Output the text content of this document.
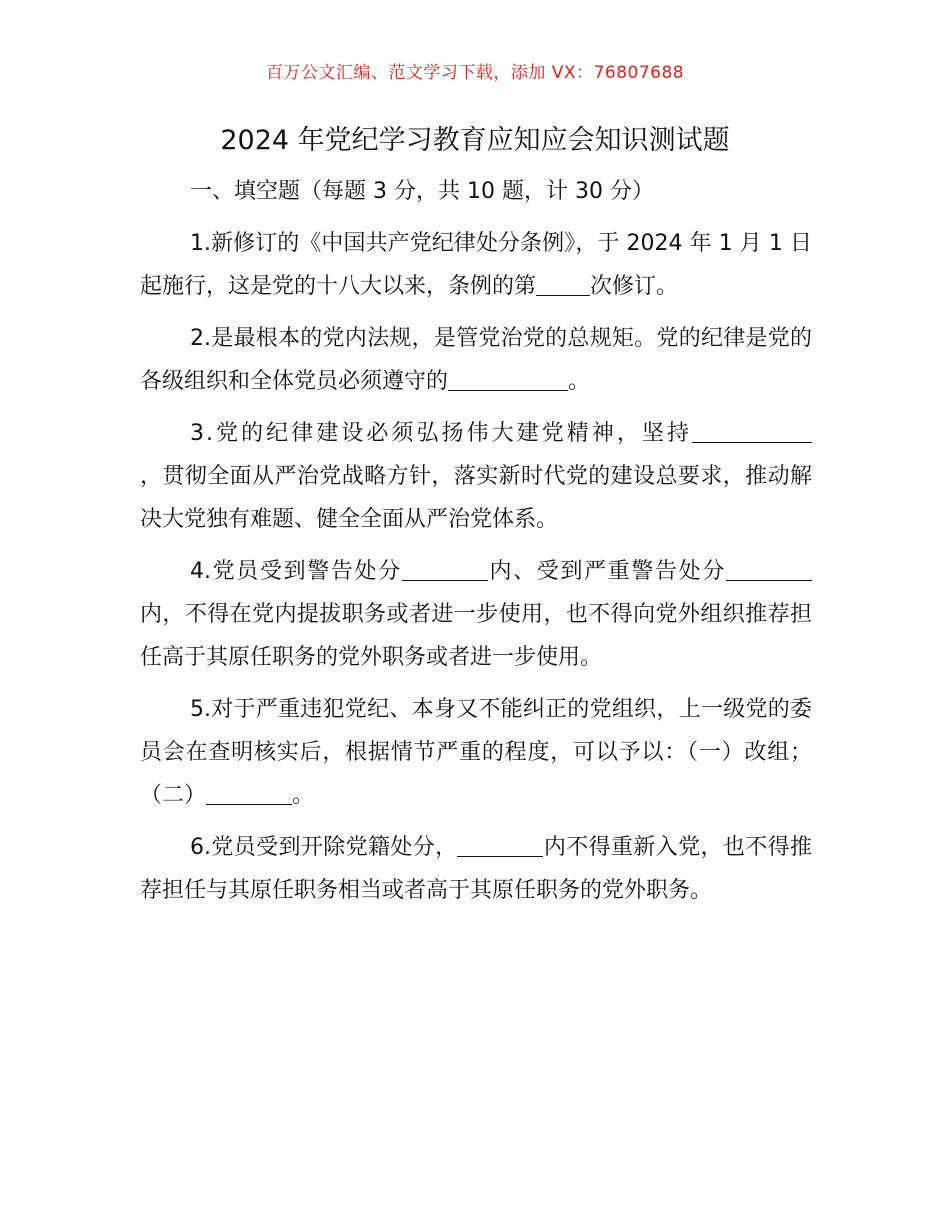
百万公文汇编、范文学习下载，添加 VX：76807688
2024 年党纪学习教育应知应会知识测试题

一、填空题（每题 3 分，共 10 题，计 30 分）

1.新修订的《中国共产党纪律处分条例》，于 2024 年 1 月 1 日起施行，这是党的十八大以来，条例的第 次修订。

2.是最根本的党内法规，是管党治党的总规矩。党的纪律是党的各级组织和全体党员必须遵守的	。

3.党的纪律建设必须弘扬伟大建党精神，坚持，贯彻全面从严治党战略方针，落实新时代党的建设总要求，推动解决大党独有难题、健全全面从严治党体系。

4.党员受到警告处分	内、受到严重警告处分内，不得在党内提拔职务或者进一步使用，也不得向党外组织推荐担任高于其原任职务的党外职务或者进一步使用。

5.对于严重违犯党纪、本身又不能纠正的党组织，上一级党的委员会在查明核实后，根据情节严重的程度，可以予以：（一）改组；（二）	。

6.党员受到开除党籍处分，	内不得重新入党，也不得推荐担任与其原任职务相当或者高于其原任职务的党外职务。
